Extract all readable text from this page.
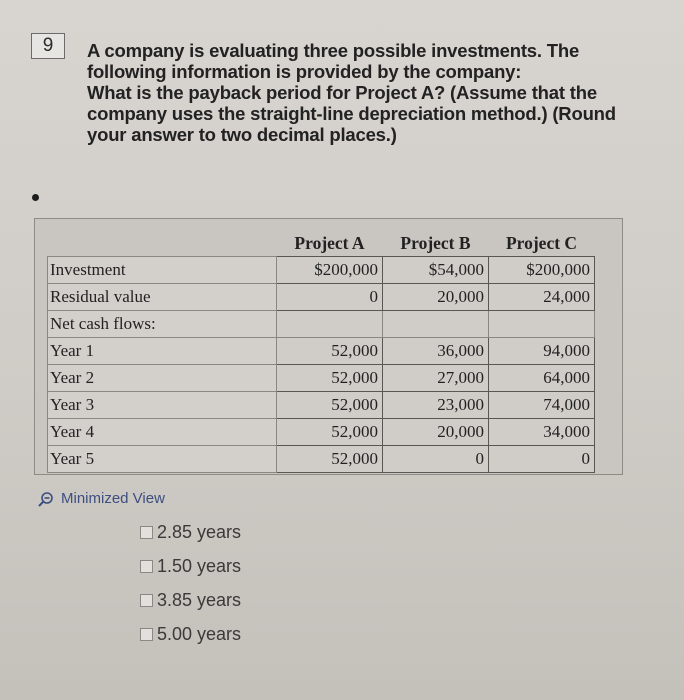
9	A company is evaluating three possible investments. The
following information is provided by the company:
What is the payback period for Project A? (Assume that the
company uses the straight-line depreciation method.) (Round
your answer to two decimal places.)
	Project A	Project B	Project C
Investment	$200,000	$54,000	$200,000
Residual value	0	20,000	24,000
Net cash flows:			
Year 1	52,000	36,000	94,000
Year 2	52,000	27,000	64,000
Year 3	52,000	23,000	74,000
Year 4	52,000	20,000	34,000
Year 5	52,000	0	0
Minimized View
2.85 years
1.50 years
3.85 years
5.00 years
